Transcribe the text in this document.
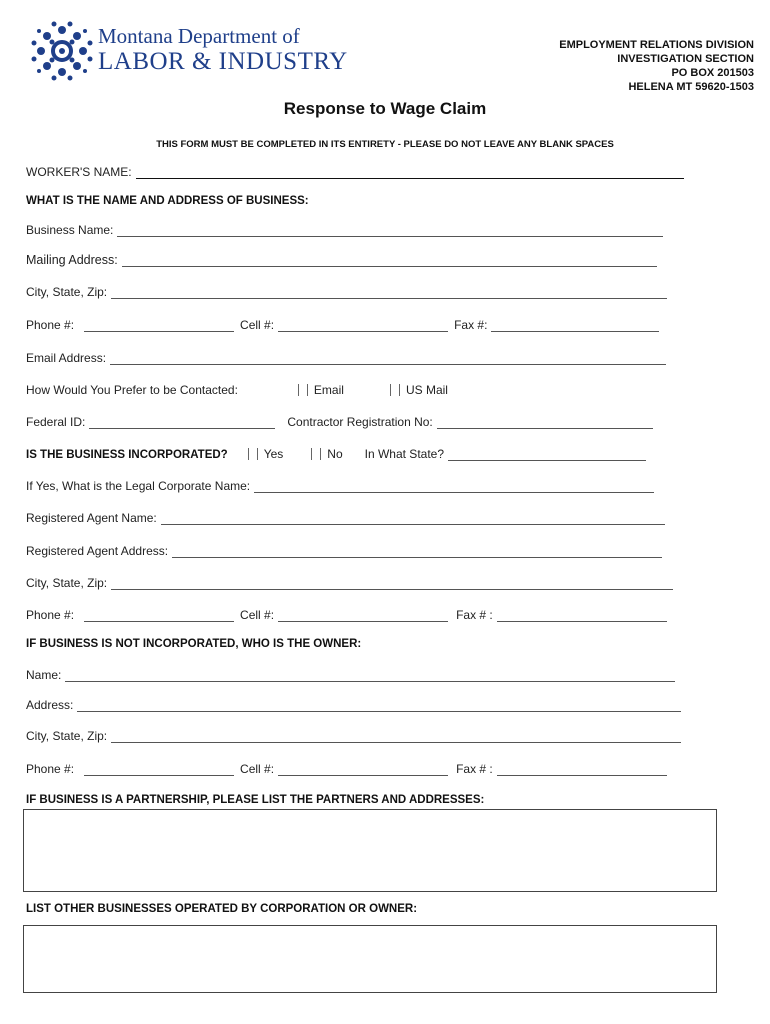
Montana Department of
LABOR & INDUSTRY
EMPLOYMENT RELATIONS DIVISION
INVESTIGATION SECTION
PO BOX 201503
HELENA MT 59620-1503
Response to Wage Claim
THIS FORM MUST BE COMPLETED IN ITS ENTIRETY - PLEASE DO NOT LEAVE ANY BLANK SPACES
WORKER'S NAME:
WHAT IS THE NAME AND ADDRESS OF BUSINESS:
Business Name:
Mailing Address:
City, State, Zip:
Phone #:	Cell #:	Fax #:
Email Address:
How Would You Prefer to be Contacted:	Email	US Mail
Federal ID:	Contractor Registration No:
IS THE BUSINESS INCORPORATED?	Yes	No In What State?
If Yes, What is the Legal Corporate Name:
Registered Agent Name:
Registered Agent Address:
City, State, Zip:
Phone #:	Cell #:	Fax # :
IF BUSINESS IS NOT INCORPORATED, WHO IS THE OWNER:
Name:
Address:
City, State, Zip:
Phone #:	Cell #:	Fax # :
IF BUSINESS IS A PARTNERSHIP, PLEASE LIST THE PARTNERS AND ADDRESSES:
LIST OTHER BUSINESSES OPERATED BY CORPORATION OR OWNER:
